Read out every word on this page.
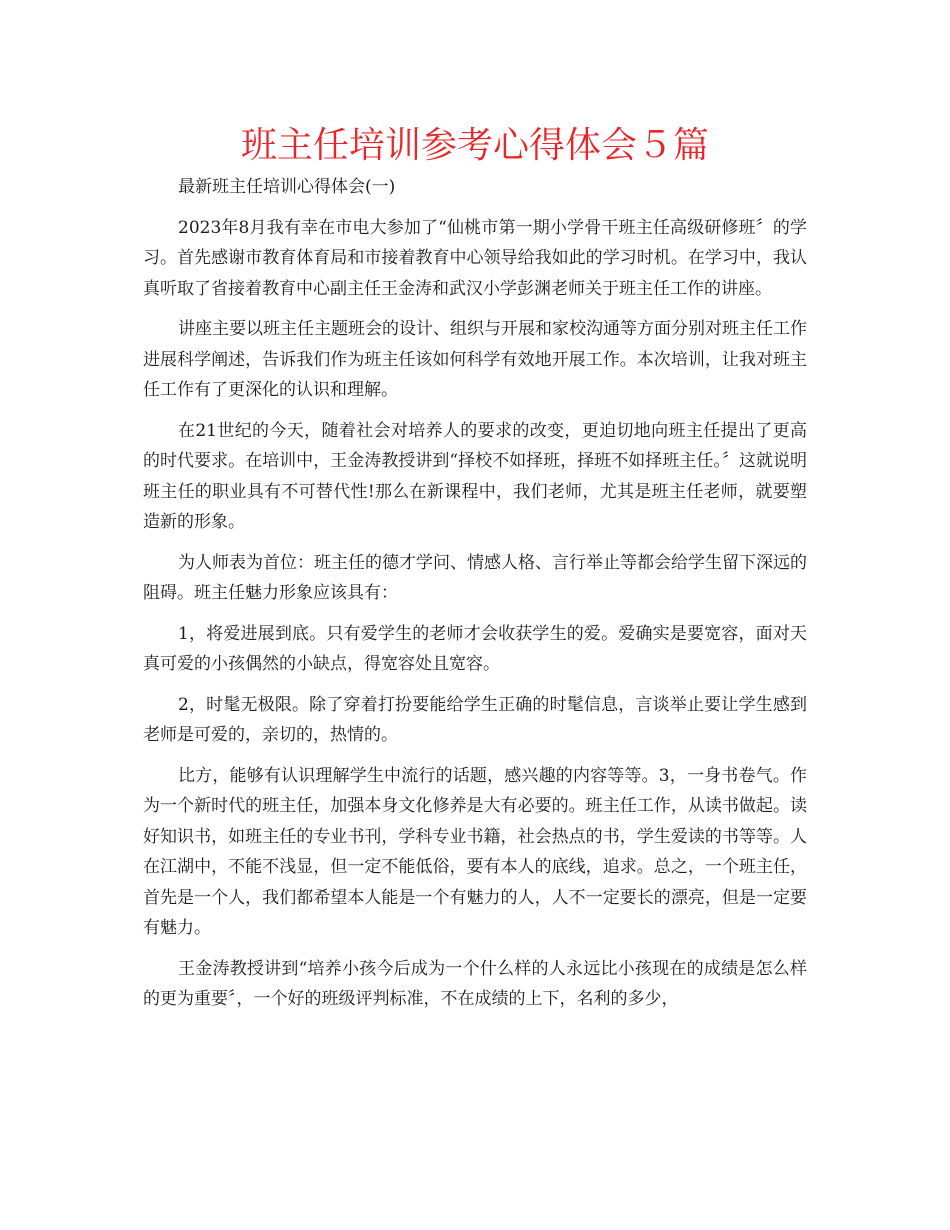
班主任培训参考心得体会５篇
最新班主任培训心得体会(一)

2023年8月我有幸在市电大参加了“仙桃市第一期小学骨干班主任高级研修班〞的学习。首先感谢市教育体育局和市接着教育中心领导给我如此的学习时机。在学习中，我认真听取了省接着教育中心副主任王金涛和武汉小学彭渊老师关于班主任工作的讲座。

讲座主要以班主任主题班会的设计、组织与开展和家校沟通等方面分别对班主任工作进展科学阐述，告诉我们作为班主任该如何科学有效地开展工作。本次培训，让我对班主任工作有了更深化的认识和理解。

在21世纪的今天，随着社会对培养人的要求的改变，更迫切地向班主任提出了更高的时代要求。在培训中，王金涛教授讲到“择校不如择班，择班不如择班主任。〞这就说明班主任的职业具有不可替代性!那么在新课程中，我们老师，尤其是班主任老师，就要塑造新的形象。

为人师表为首位：班主任的德才学问、情感人格、言行举止等都会给学生留下深远的阻碍。班主任魅力形象应该具有：

1，将爱进展到底。只有爱学生的老师才会收获学生的爱。爱确实是要宽容，面对天真可爱的小孩偶然的小缺点，得宽容处且宽容。

2，时髦无极限。除了穿着打扮要能给学生正确的时髦信息，言谈举止要让学生感到老师是可爱的，亲切的，热情的。

比方，能够有认识理解学生中流行的话题，感兴趣的内容等等。3，一身书卷气。作为一个新时代的班主任，加强本身文化修养是大有必要的。班主任工作，从读书做起。读好知识书，如班主任的专业书刊，学科专业书籍，社会热点的书，学生爱读的书等等。人在江湖中，不能不浅显，但一定不能低俗，要有本人的底线，追求。总之，一个班主任，首先是一个人，我们都希望本人能是一个有魅力的人，人不一定要长的漂亮，但是一定要有魅力。

王金涛教授讲到“培养小孩今后成为一个什么样的人永远比小孩现在的成绩是怎么样的更为重要〞，一个好的班级评判标准，不在成绩的上下，名利的多少，
